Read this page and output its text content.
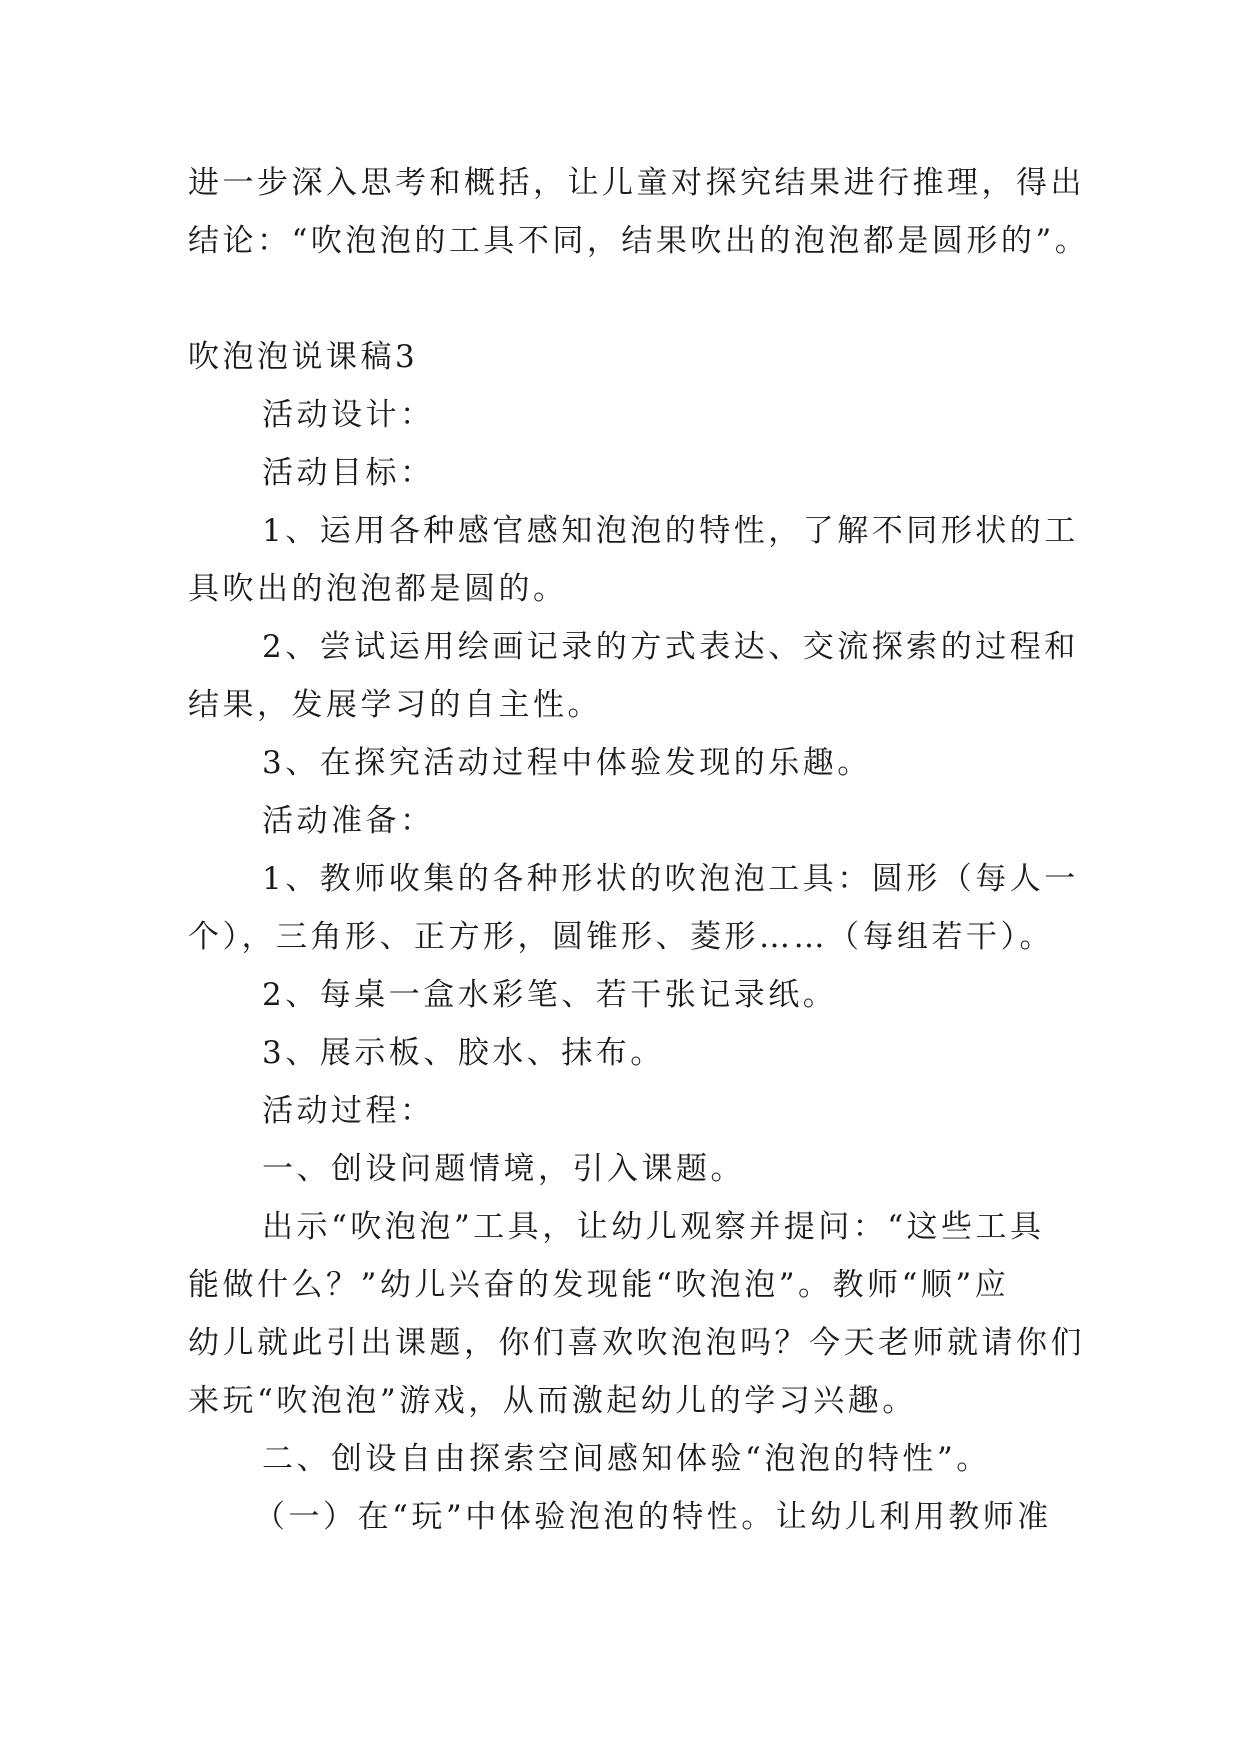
进一步深入思考和概括，让儿童对探究结果进行推理，得出
结论：“吹泡泡的工具不同，结果吹出的泡泡都是圆形的”。
吹泡泡说课稿3
活动设计：
活动目标：
1、运用各种感官感知泡泡的特性，了解不同形状的工
具吹出的泡泡都是圆的。
2、尝试运用绘画记录的方式表达、交流探索的过程和
结果，发展学习的自主性。
3、在探究活动过程中体验发现的乐趣。
活动准备：
1、教师收集的各种形状的吹泡泡工具：圆形（每人一
个），三角形、正方形，圆锥形、菱形……（每组若干）。
2、每桌一盒水彩笔、若干张记录纸。
3、展示板、胶水、抹布。
活动过程：
一、创设问题情境，引入课题。
出示“吹泡泡”工具，让幼儿观察并提问：“这些工具
能做什么？”幼儿兴奋的发现能“吹泡泡”。教师“顺”应
幼儿就此引出课题，你们喜欢吹泡泡吗？今天老师就请你们
来玩“吹泡泡”游戏，从而激起幼儿的学习兴趣。
二、创设自由探索空间感知体验“泡泡的特性”。
（一）在“玩”中体验泡泡的特性。让幼儿利用教师准
